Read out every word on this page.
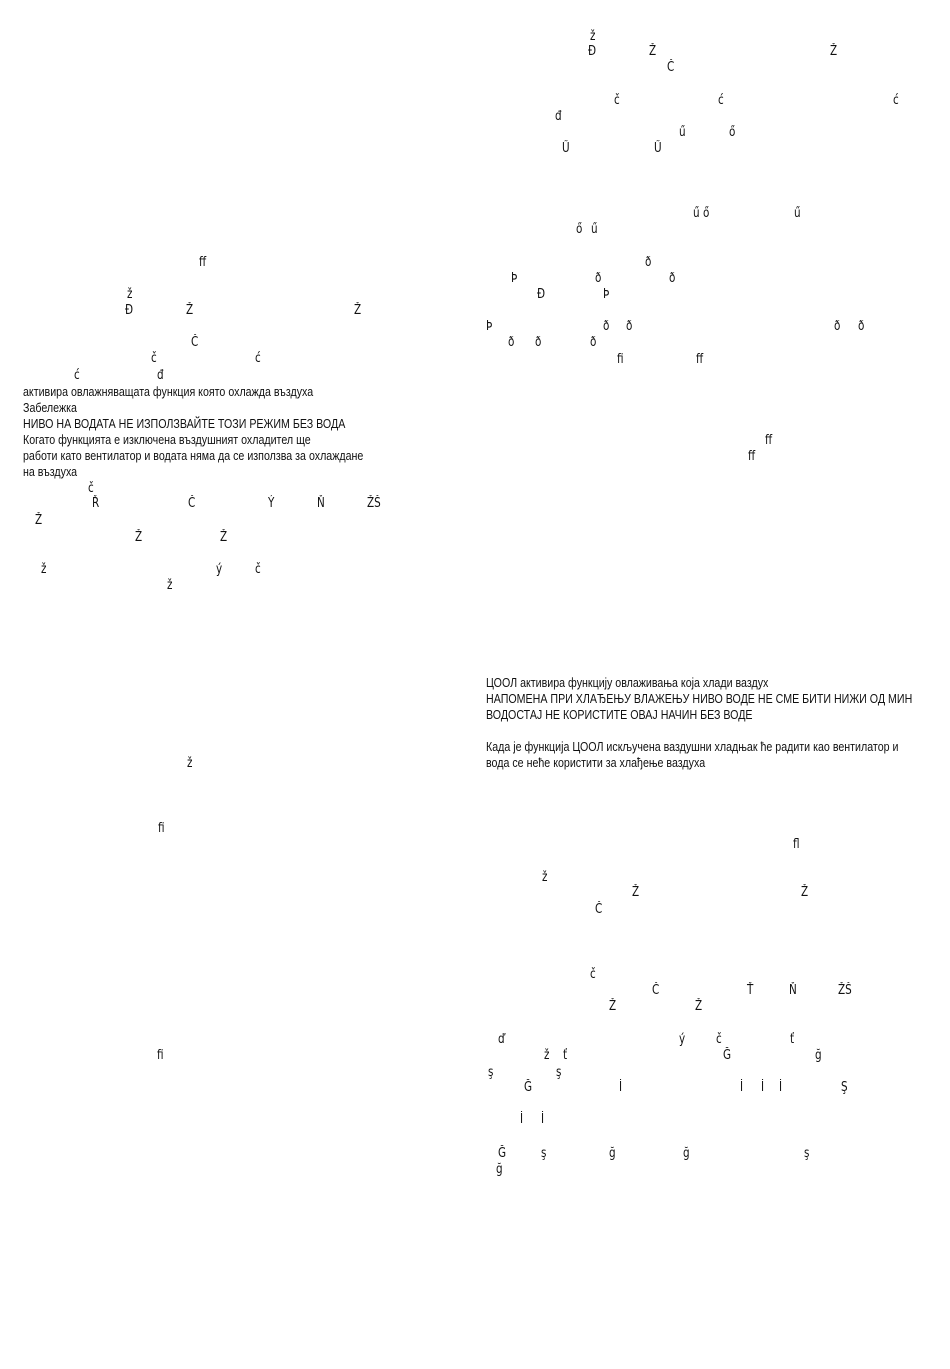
ff
ž
Ð	Ž	Ž
Č
č	ć
ć	đ
активира овлажняващата функция която охлажда въздуха
Забележка
НИВО НА ВОДАТА НЕ ИЗПОЛЗВАЙТЕ ТОЗИ РЕЖИМ БЕЗ ВОДА
Когато функцията е изключена въздушният охладител ще
работи като вентилатор и водата няма да се използва за охлаждане
на въздуха
č
Ř	Č	Ý	Ň	ŽŠ
Ž
Ž	Ž
ž	ý	č
ž
ž
fi
fi
ž
Ð	Ž	Ž
Č
č	ć	ć
đ
ű	ő
Ű	Ű
ű ő	ű
ő ű
ð
Þ	ð	ð
Ð	Þ
Þ	ð ð	ð ð
ð ð	ð
fi	ff
ff
ff
ЦООЛ активира функцију овлаживања која хлади ваздух
НАПОМЕНА ПРИ ХЛАЂЕЊУ ВЛАЖЕЊУ НИВО ВОДЕ НЕ СМЕ БИТИ НИЖИ ОД МИН
ВОДОСТАЈ НЕ КОРИСТИТЕ ОВАЈ НАЧИН БЕЗ ВОДЕ
Када је функција ЦООЛ искључена ваздушни хладњак ће радити као вентилатор и
вода се неће користити за хлађење ваздуха
fl
ž
Ž	Ž
Č
č
Č	Ť	Ň	ŽŠ
Ž	Ž
ď	ý č	ť
ž ť	Ğ	ğ
ş	ş
Ğ	İ	İ İ İ	Ş
İ İ
Ğ	ş	ğ	ğ	ş
ğ
